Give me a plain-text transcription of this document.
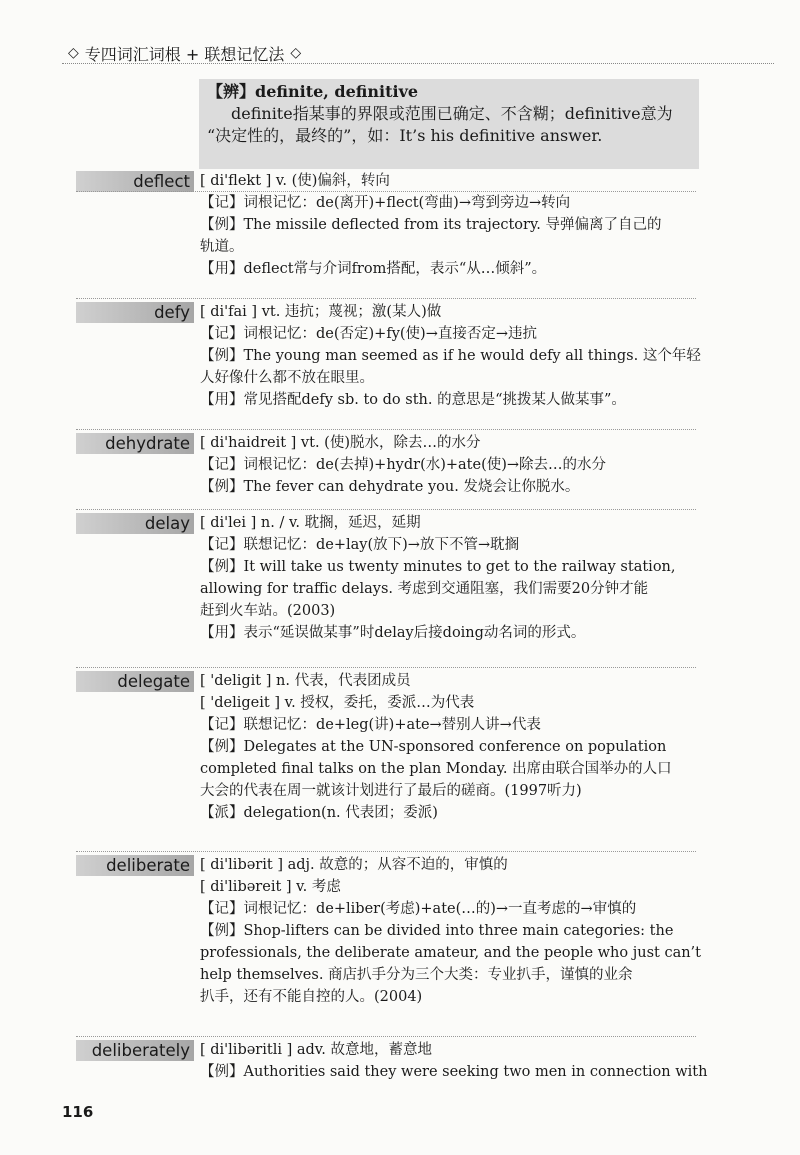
◇ 专四词汇词根 + 联想记忆法 ◇
【辨】definite, definitive
definite指某事的界限或范围已确定、不含糊；definitive意为
“决定性的，最终的”，如：It’s his definitive answer.
deflect [ di'flekt ] v. (使)偏斜，转向
【记】词根记忆：de(离开)+flect(弯曲)→弯到旁边→转向
【例】The missile deflected from its trajectory. 导弹偏离了自己的
轨道。
【用】deflect常与介词from搭配，表示“从…倾斜”。
defy [ di'fai ] vt. 违抗；蔑视；激(某人)做
【记】词根记忆：de(否定)+fy(使)→直接否定→违抗
【例】The young man seemed as if he would defy all things. 这个年轻
人好像什么都不放在眼里。
【用】常见搭配defy sb. to do sth. 的意思是“挑拨某人做某事”。
dehydrate [ di'haidreit ] vt. (使)脱水，除去…的水分
【记】词根记忆：de(去掉)+hydr(水)+ate(使)→除去…的水分
【例】The fever can dehydrate you. 发烧会让你脱水。
delay [ di'lei ] n. / v. 耽搁，延迟，延期
【记】联想记忆：de+lay(放下)→放下不管→耽搁
【例】It will take us twenty minutes to get to the railway station,
allowing for traffic delays. 考虑到交通阻塞，我们需要20分钟才能
赶到火车站。(2003)
【用】表示“延误做某事”时delay后接doing动名词的形式。
delegate [ 'deligit ] n. 代表，代表团成员
[ 'deligeit ] v. 授权，委托，委派…为代表
【记】联想记忆：de+leg(讲)+ate→替别人讲→代表
【例】Delegates at the UN-sponsored conference on population
completed final talks on the plan Monday. 出席由联合国举办的人口
大会的代表在周一就该计划进行了最后的磋商。(1997听力)
【派】delegation(n. 代表团；委派)
deliberate [ di'libərit ] adj. 故意的；从容不迫的，审慎的
[ di'libəreit ] v. 考虑
【记】词根记忆：de+liber(考虑)+ate(…的)→一直考虑的→审慎的
【例】Shop-lifters can be divided into three main categories: the
professionals, the deliberate amateur, and the people who just can’t
help themselves. 商店扒手分为三个大类：专业扒手，谨慎的业余
扒手，还有不能自控的人。(2004)
deliberately [ di'libəritli ] adv. 故意地，蓄意地
【例】Authorities said they were seeking two men in connection with
116
